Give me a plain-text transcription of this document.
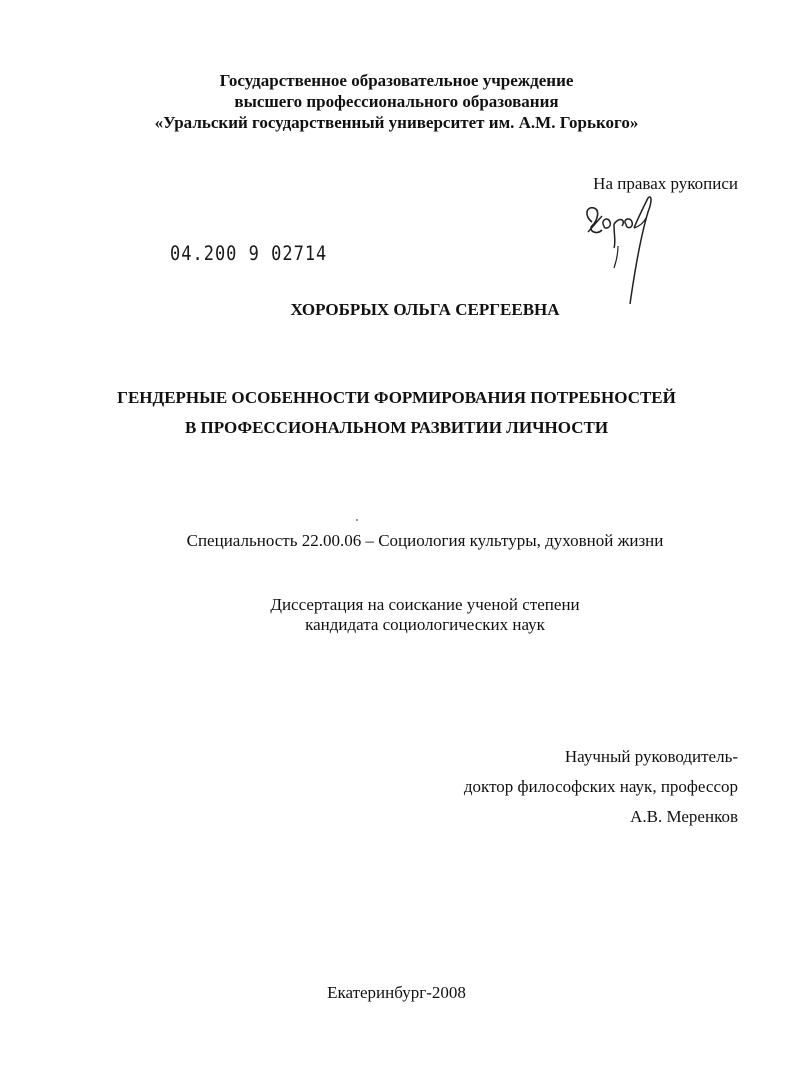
Государственное образовательное учреждение
высшего профессионального образования
«Уральский государственный университет им. А.М. Горького»
На правах рукописи
04.200 9 02714
ХОРОБРЫХ ОЛЬГА СЕРГЕЕВНА
ГЕНДЕРНЫЕ ОСОБЕННОСТИ ФОРМИРОВАНИЯ ПОТРЕБНОСТЕЙ
В ПРОФЕССИОНАЛЬНОМ РАЗВИТИИ ЛИЧНОСТИ
Специальность 22.00.06 – Социология культуры, духовной жизни
Диссертация на соискание ученой степени
кандидата социологических наук
Научный руководитель-
доктор философских наук, профессор
А.В. Меренков
Екатеринбург-2008
